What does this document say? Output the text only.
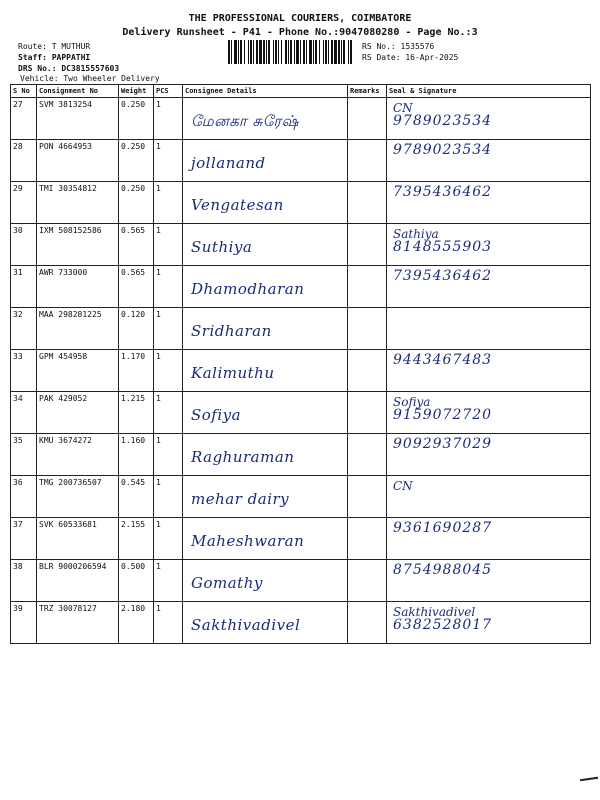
THE PROFESSIONAL COURIERS, COIMBATORE
Delivery Runsheet - P41 - Phone No.:9047080280 - Page No.:3
Route: T MUTHUR
Staff: PAPPATHI
DRS No.: DC3815557603
Vehicle: Two Wheeler Delivery
RS No.: 1535576
RS Date: 16-Apr-2025
S No	Consignment No	Weight	PCS	Consignee Details	Remarks	Seal & Signature
27	SVM 3813254	0.250	1	மேனகா சுரேஷ்		CN
9789023534

28	PON 4664953	0.250	1	jollanand		9789023534

29	TMI 30354812	0.250	1	Vengatesan		7395436462

30	IXM 508152586	0.565	1	Suthiya		Sathiya
8148555903

31	AWR 733000	0.565	1	Dhamodharan		7395436462

32	MAA 298281225	0.120	1	Sridharan		

33	GPM 454958	1.170	1	Kalimuthu		9443467483

34	PAK 429052	1.215	1	Sofiya		Sofiya
9159072720

35	KMU 3674272	1.160	1	Raghuraman		9092937029

36	TMG 200736507	0.545	1	mehar dairy		CN

37	SVK 60533681	2.155	1	Maheshwaran		9361690287

38	BLR 9000206594	0.500	1	Gomathy		8754988045

39	TRZ 30078127	2.180	1	Sakthivadivel		Sakthivadivel
6382528017
